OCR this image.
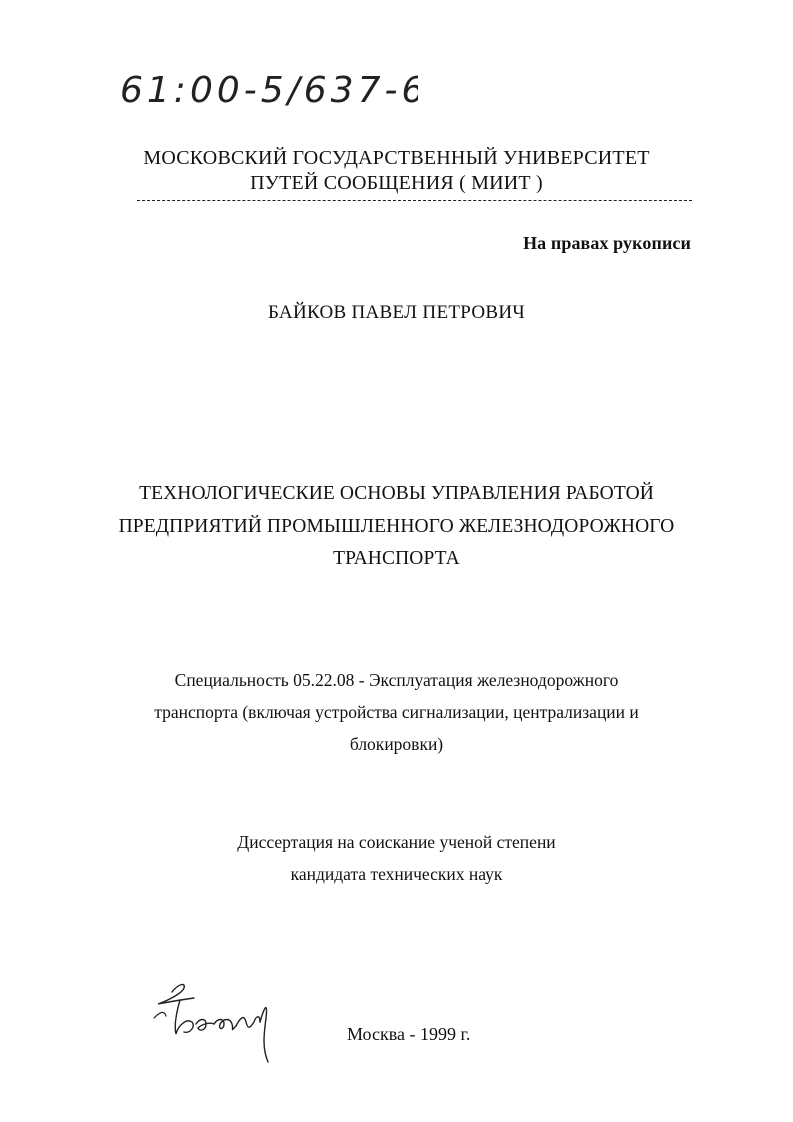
61:00-5/637-6
МОСКОВСКИЙ ГОСУДАРСТВЕННЫЙ УНИВЕРСИТЕТ
ПУТЕЙ СООБЩЕНИЯ ( МИИТ )
На правах рукописи
БАЙКОВ ПАВЕЛ ПЕТРОВИЧ
ТЕХНОЛОГИЧЕСКИЕ ОСНОВЫ УПРАВЛЕНИЯ РАБОТОЙ
ПРЕДПРИЯТИЙ ПРОМЫШЛЕННОГО ЖЕЛЕЗНОДОРОЖНОГО
ТРАНСПОРТА
Специальность 05.22.08 - Эксплуатация железнодорожного
транспорта (включая устройства сигнализации, централизации и
блокировки)
Диссертация на соискание ученой степени
кандидата технических наук
Москва - 1999 г.
